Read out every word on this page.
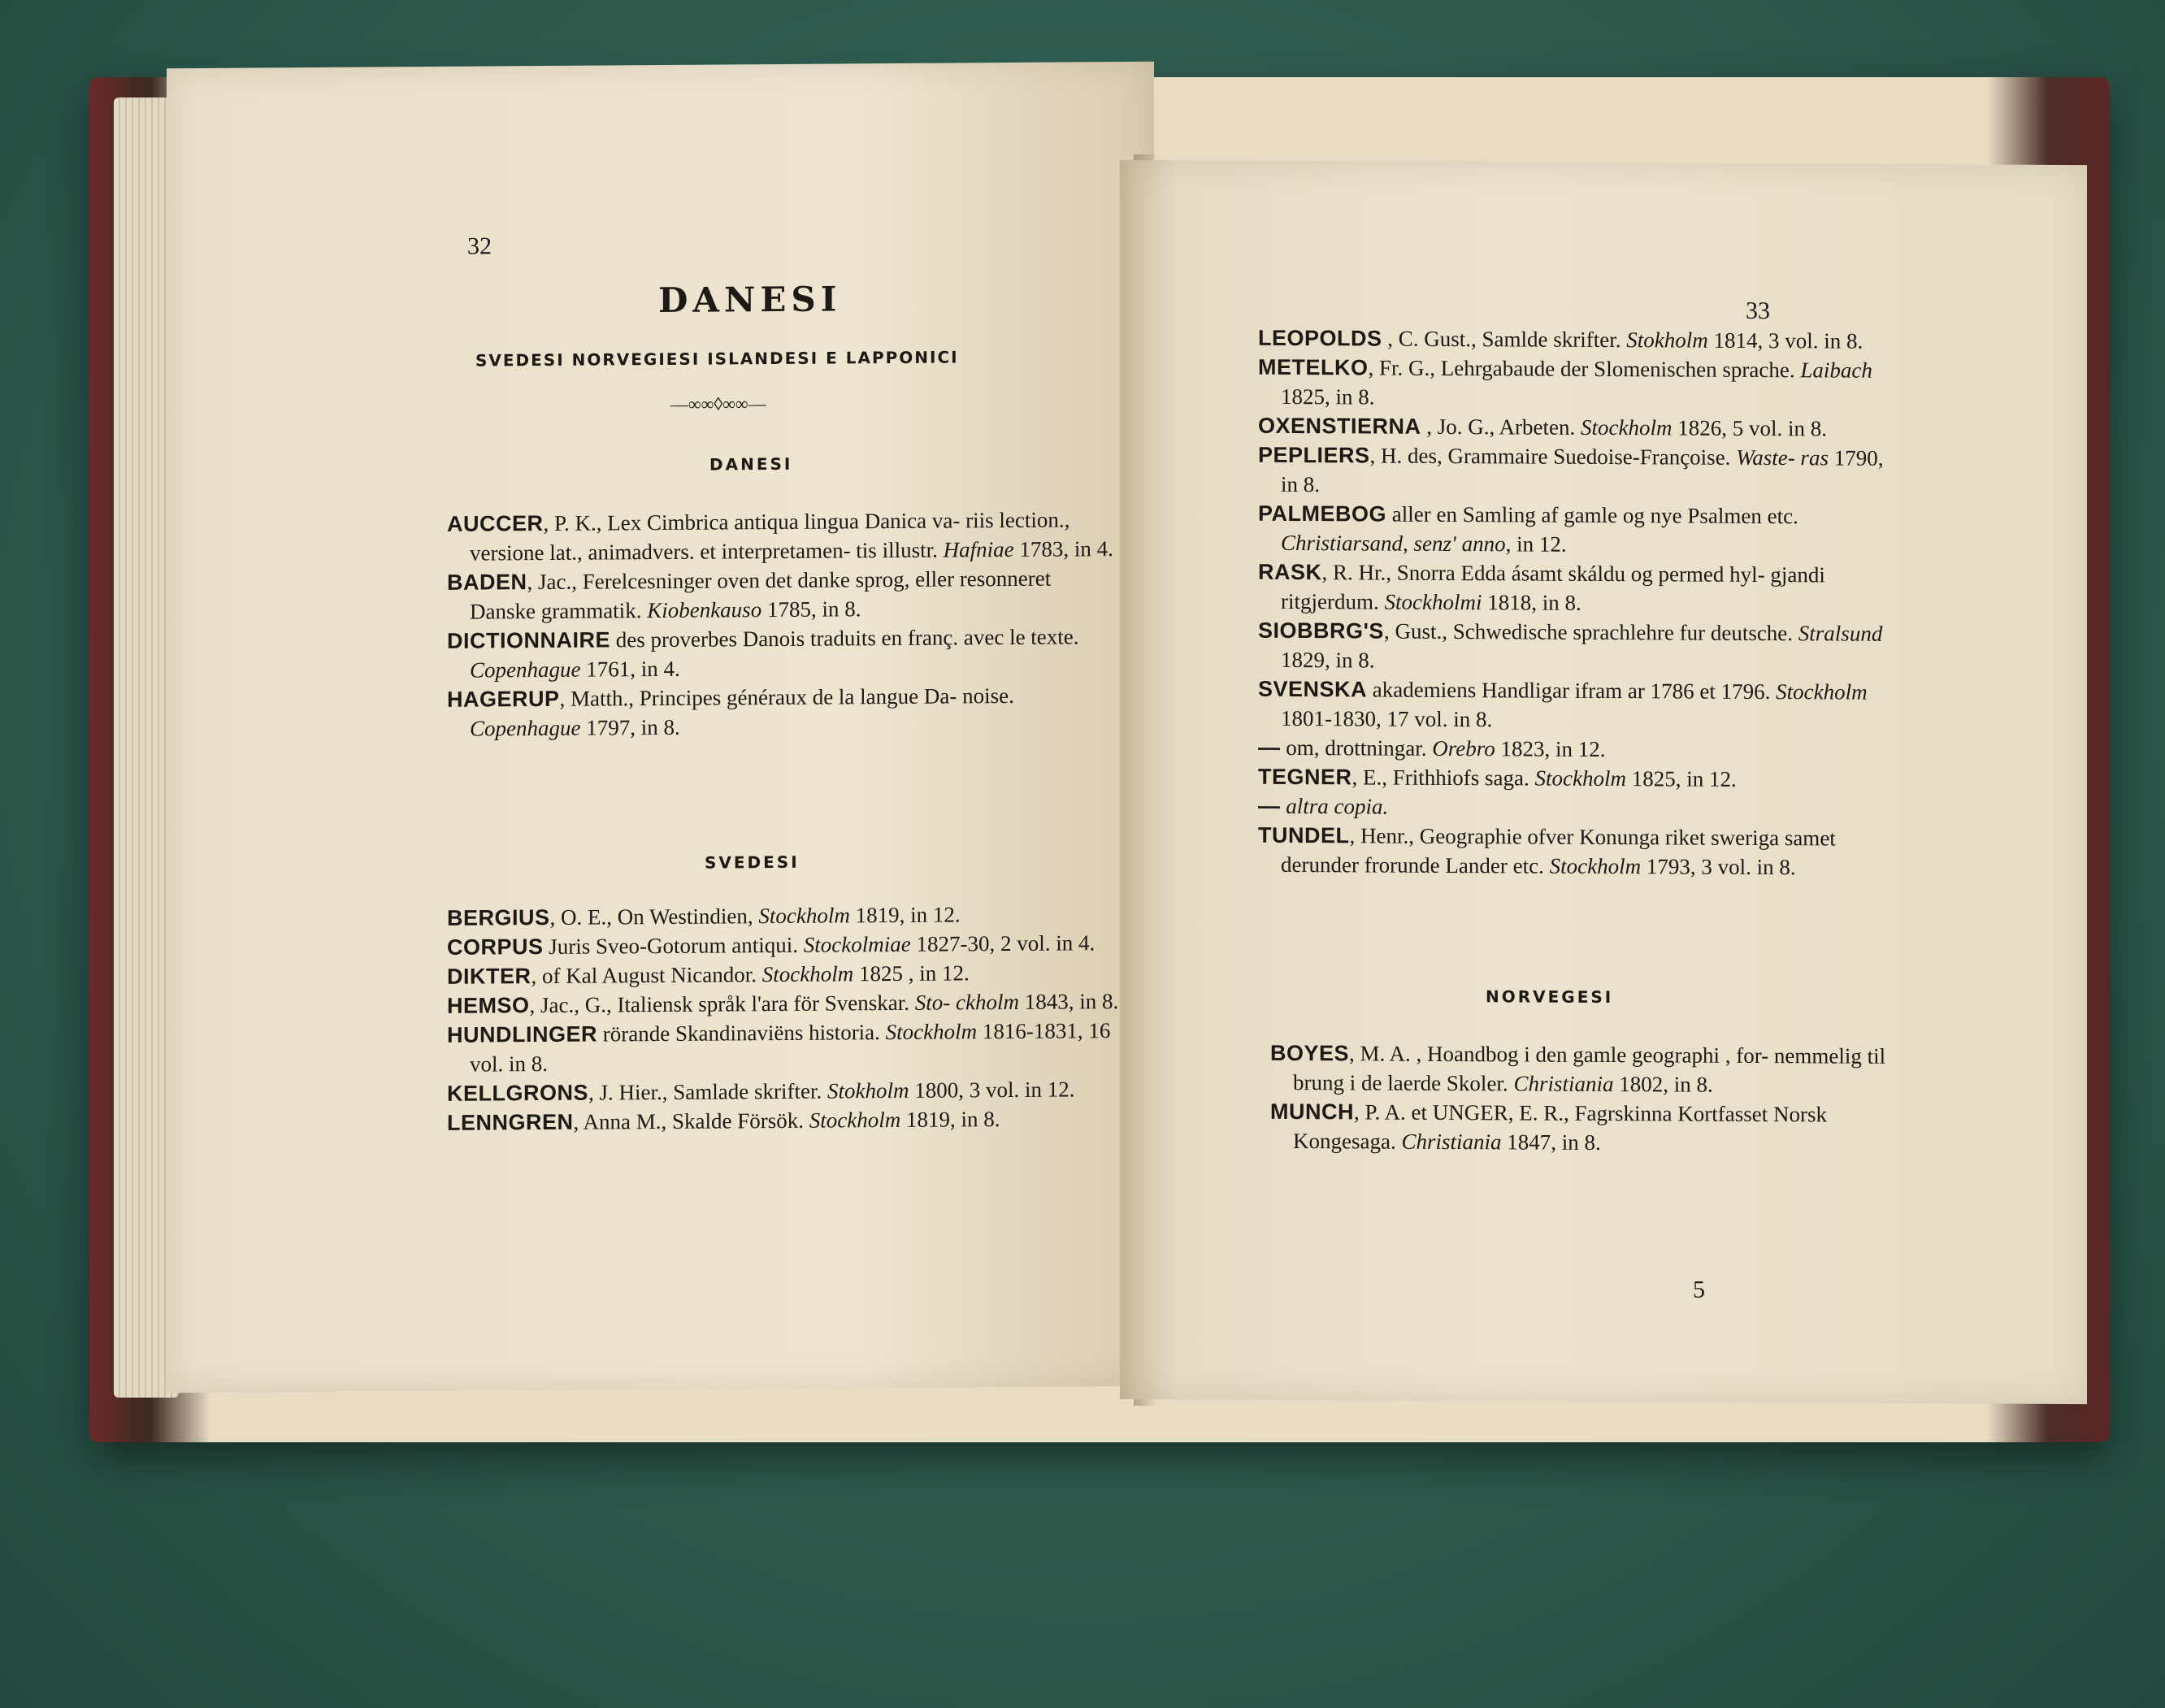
32
DANESI
SVEDESI NORVEGIESI ISLANDESI E LAPPONICI
—∞∞◊∞∞—
DANESI

AUCCER, P. K., Lex Cimbrica antiqua lingua Danica va- riis lection., versione lat., animadvers. et interpretamen- tis illustr. Hafniae 1783, in 4.

BADEN, Jac., Ferelcesninger oven det danke sprog, eller resonneret Danske grammatik. Kiobenkauso 1785, in 8.

DICTIONNAIRE des proverbes Danois traduits en franç. avec le texte. Copenhague 1761, in 4.

HAGERUP, Matth., Principes généraux de la langue Da- noise. Copenhague 1797, in 8.

SVEDESI

BERGIUS, O. E., On Westindien, Stockholm 1819, in 12.

CORPUS Juris Sveo-Gotorum antiqui. Stockolmiae 1827-30, 2 vol. in 4.

DIKTER, of Kal August Nicandor. Stockholm 1825 , in 12.

HEMSO, Jac., G., Italiensk språk l'ara för Svenskar. Sto- ckholm 1843, in 8.

HUNDLINGER rörande Skandinaviëns historia. Stockholm 1816-1831, 16 vol. in 8.

KELLGRONS, J. Hier., Samlade skrifter. Stokholm 1800, 3 vol. in 12.

LENNGREN, Anna M., Skalde Försök. Stockholm 1819, in 8.

33

LEOPOLDS , C. Gust., Samlde skrifter. Stokholm 1814, 3 vol. in 8.

METELKO, Fr. G., Lehrgabaude der Slomenischen sprache. Laibach 1825, in 8.

OXENSTIERNA , Jo. G., Arbeten. Stockholm 1826, 5 vol. in 8.

PEPLIERS, H. des, Grammaire Suedoise-Françoise. Waste- ras 1790, in 8.

PALMEBOG aller en Samling af gamle og nye Psalmen etc. Christiarsand, senz' anno, in 12.

RASK, R. Hr., Snorra Edda ásamt skáldu og permed hyl- gjandi ritgjerdum. Stockholmi 1818, in 8.

SIOBBRG'S, Gust., Schwedische sprachlehre fur deutsche. Stralsund 1829, in 8.

SVENSKA akademiens Handligar ifram ar 1786 et 1796. Stockholm 1801-1830, 17 vol. in 8.

— om, drottningar. Orebro 1823, in 12.

TEGNER, E., Frithhiofs saga. Stockholm 1825, in 12.

— altra copia.

TUNDEL, Henr., Geographie ofver Konunga riket sweriga samet derunder frorunde Lander etc. Stockholm 1793, 3 vol. in 8.

NORVEGESI

BOYES, M. A. , Hoandbog i den gamle geographi , for- nemmelig til brung i de laerde Skoler. Christiania 1802, in 8.

MUNCH, P. A. et UNGER, E. R., Fagrskinna Kortfasset Norsk Kongesaga. Christiania 1847, in 8.

5
